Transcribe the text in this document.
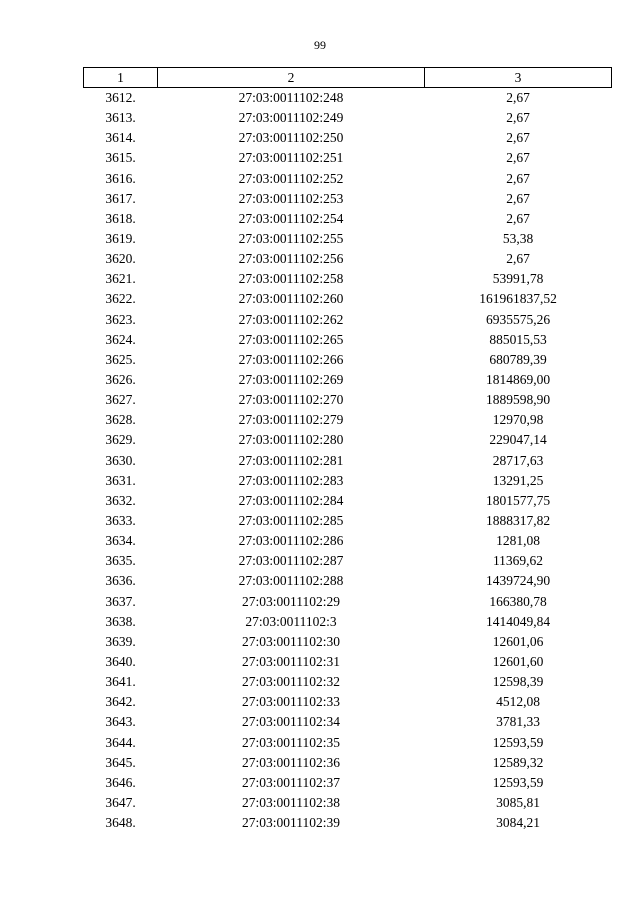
99
1	2	3
3612.	27:03:0011102:248	2,67
3613.	27:03:0011102:249	2,67
3614.	27:03:0011102:250	2,67
3615.	27:03:0011102:251	2,67
3616.	27:03:0011102:252	2,67
3617.	27:03:0011102:253	2,67
3618.	27:03:0011102:254	2,67
3619.	27:03:0011102:255	53,38
3620.	27:03:0011102:256	2,67
3621.	27:03:0011102:258	53991,78
3622.	27:03:0011102:260	161961837,52
3623.	27:03:0011102:262	6935575,26
3624.	27:03:0011102:265	885015,53
3625.	27:03:0011102:266	680789,39
3626.	27:03:0011102:269	1814869,00
3627.	27:03:0011102:270	1889598,90
3628.	27:03:0011102:279	12970,98
3629.	27:03:0011102:280	229047,14
3630.	27:03:0011102:281	28717,63
3631.	27:03:0011102:283	13291,25
3632.	27:03:0011102:284	1801577,75
3633.	27:03:0011102:285	1888317,82
3634.	27:03:0011102:286	1281,08
3635.	27:03:0011102:287	11369,62
3636.	27:03:0011102:288	1439724,90
3637.	27:03:0011102:29	166380,78
3638.	27:03:0011102:3	1414049,84
3639.	27:03:0011102:30	12601,06
3640.	27:03:0011102:31	12601,60
3641.	27:03:0011102:32	12598,39
3642.	27:03:0011102:33	4512,08
3643.	27:03:0011102:34	3781,33
3644.	27:03:0011102:35	12593,59
3645.	27:03:0011102:36	12589,32
3646.	27:03:0011102:37	12593,59
3647.	27:03:0011102:38	3085,81
3648.	27:03:0011102:39	3084,21
